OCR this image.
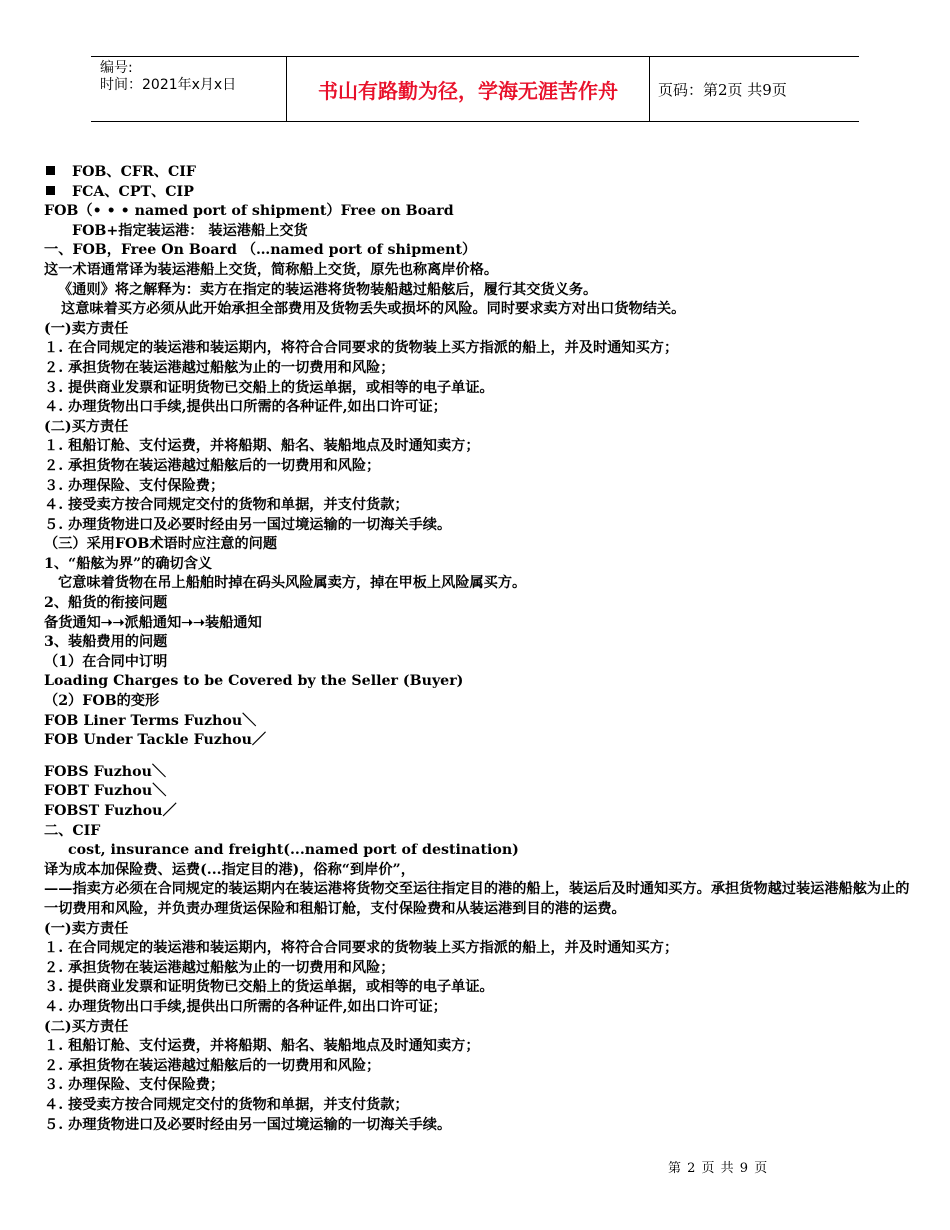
编号:
时间：2021年x月x日	书山有路勤为径，学海无涯苦作舟	页码：第2页 共9页

FOB、CFR、CIF

FCA、CPT、CIP

FOB（• • • named port of shipment）Free on Board

FOB+指定装运港： 装运港船上交货

一、FOB，Free On Board （…named port of shipment）

这一术语通常译为装运港船上交货，简称船上交货，原先也称离岸价格。

《通则》将之解释为：卖方在指定的装运港将货物装船越过船舷后，履行其交货义务。

这意味着买方必须从此开始承担全部费用及货物丢失或损坏的风险。同时要求卖方对出口货物结关。

(一)卖方责任

１. 在合同规定的装运港和装运期内，将符合合同要求的货物装上买方指派的船上，并及时通知买方；

２. 承担货物在装运港越过船舷为止的一切费用和风险；

３. 提供商业发票和证明货物已交船上的货运单据，或相等的电子单证。

４. 办理货物出口手续,提供出口所需的各种证件,如出口许可证；

(二)买方责任

１. 租船订舱、支付运费，并将船期、船名、装船地点及时通知卖方；

２. 承担货物在装运港越过船舷后的一切费用和风险；

３. 办理保险、支付保险费；

４. 接受卖方按合同规定交付的货物和单据，并支付货款；

５. 办理货物进口及必要时经由另一国过境运输的一切海关手续。

（三）采用FOB术语时应注意的问题

1、“船舷为界”的确切含义

它意味着货物在吊上船舶时掉在码头风险属卖方，掉在甲板上风险属买方。

2、船货的衔接问题

备货通知➝➝派船通知➝➝装船通知

3、装船费用的问题

（1）在合同中订明

Loading Charges to be Covered by the Seller (Buyer)

（2）FOB的变形

FOB Liner Terms Fuzhou＼

FOB Under Tackle Fuzhou／

FOBS Fuzhou＼

FOBT Fuzhou＼

FOBST Fuzhou／

二、CIF

cost, insurance and freight(...named port of destination)

译为成本加保险费、运费(...指定目的港)，俗称“到岸价”，

——指卖方必须在合同规定的装运期内在装运港将货物交至运往指定目的港的船上，装运后及时通知买方。承担货物越过装运港船舷为止的一切费用和风险，并负责办理货运保险和租船订舱，支付保险费和从装运港到目的港的运费。

(一)卖方责任

１. 在合同规定的装运港和装运期内，将符合合同要求的货物装上买方指派的船上，并及时通知买方；

２. 承担货物在装运港越过船舷为止的一切费用和风险；

３. 提供商业发票和证明货物已交船上的货运单据，或相等的电子单证。

４. 办理货物出口手续,提供出口所需的各种证件,如出口许可证；

(二)买方责任

１. 租船订舱、支付运费，并将船期、船名、装船地点及时通知卖方；

２. 承担货物在装运港越过船舷后的一切费用和风险；

３. 办理保险、支付保险费；

４. 接受卖方按合同规定交付的货物和单据，并支付货款；

５. 办理货物进口及必要时经由另一国过境运输的一切海关手续。

第 2 页 共 9 页
